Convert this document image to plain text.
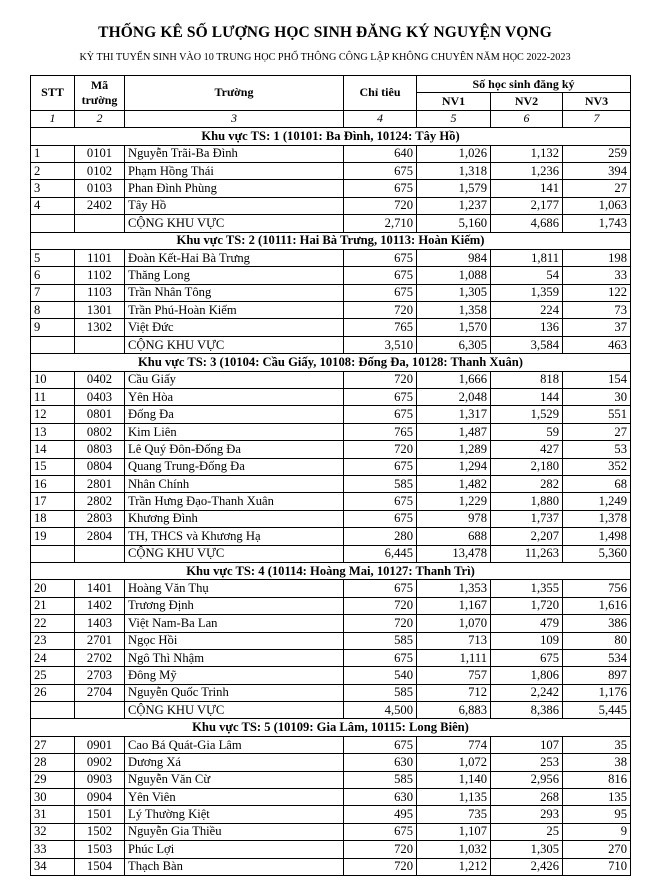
THỐNG KÊ SỐ LƯỢNG HỌC SINH ĐĂNG KÝ NGUYỆN VỌNG
KỲ THI TUYỂN SINH VÀO 10 TRUNG HỌC PHỔ THÔNG CÔNG LẬP KHÔNG CHUYÊN NĂM HỌC 2022-2023
STT	Mã trường	Trường	Chỉ tiêu	Số học sinh đăng ký		
				NV1	NV2	NV3
1	2	3	4	5	6	7
Khu vực TS: 1 (10101: Ba Đình, 10124: Tây Hồ)						
1	0101	Nguyễn Trãi-Ba Đình	640	1,026	1,132	259
2	0102	Phạm Hồng Thái	675	1,318	1,236	394
3	0103	Phan Đình Phùng	675	1,579	141	27
4	2402	Tây Hồ	720	1,237	2,177	1,063
		CỘNG KHU VỰC	2,710	5,160	4,686	1,743
Khu vực TS: 2 (10111: Hai Bà Trưng, 10113: Hoàn Kiếm)						
5	1101	Đoàn Kết-Hai Bà Trưng	675	984	1,811	198
6	1102	Thăng Long	675	1,088	54	33
7	1103	Trần Nhân Tông	675	1,305	1,359	122
8	1301	Trần Phú-Hoàn Kiếm	720	1,358	224	73
9	1302	Việt Đức	765	1,570	136	37
		CỘNG KHU VỰC	3,510	6,305	3,584	463
Khu vực TS: 3 (10104: Cầu Giấy, 10108: Đống Đa, 10128: Thanh Xuân)						
10	0402	Cầu Giấy	720	1,666	818	154
11	0403	Yên Hòa	675	2,048	144	30
12	0801	Đống Đa	675	1,317	1,529	551
13	0802	Kim Liên	765	1,487	59	27
14	0803	Lê Quý Đôn-Đống Đa	720	1,289	427	53
15	0804	Quang Trung-Đống Đa	675	1,294	2,180	352
16	2801	Nhân Chính	585	1,482	282	68
17	2802	Trần Hưng Đạo-Thanh Xuân	675	1,229	1,880	1,249
18	2803	Khương Đình	675	978	1,737	1,378
19	2804	TH, THCS và Khương Hạ	280	688	2,207	1,498
		CỘNG KHU VỰC	6,445	13,478	11,263	5,360
Khu vực TS: 4 (10114: Hoàng Mai, 10127: Thanh Trì)						
20	1401	Hoàng Văn Thụ	675	1,353	1,355	756
21	1402	Trương Định	720	1,167	1,720	1,616
22	1403	Việt Nam-Ba Lan	720	1,070	479	386
23	2701	Ngọc Hồi	585	713	109	80
24	2702	Ngô Thì Nhậm	675	1,111	675	534
25	2703	Đông Mỹ	540	757	1,806	897
26	2704	Nguyễn Quốc Trinh	585	712	2,242	1,176
		CỘNG KHU VỰC	4,500	6,883	8,386	5,445
Khu vực TS: 5 (10109: Gia Lâm, 10115: Long Biên)						
27	0901	Cao Bá Quát-Gia Lâm	675	774	107	35
28	0902	Dương Xá	630	1,072	253	38
29	0903	Nguyễn Văn Cừ	585	1,140	2,956	816
30	0904	Yên Viên	630	1,135	268	135
31	1501	Lý Thường Kiệt	495	735	293	95
32	1502	Nguyễn Gia Thiều	675	1,107	25	9
33	1503	Phúc Lợi	720	1,032	1,305	270
34	1504	Thạch Bàn	720	1,212	2,426	710
